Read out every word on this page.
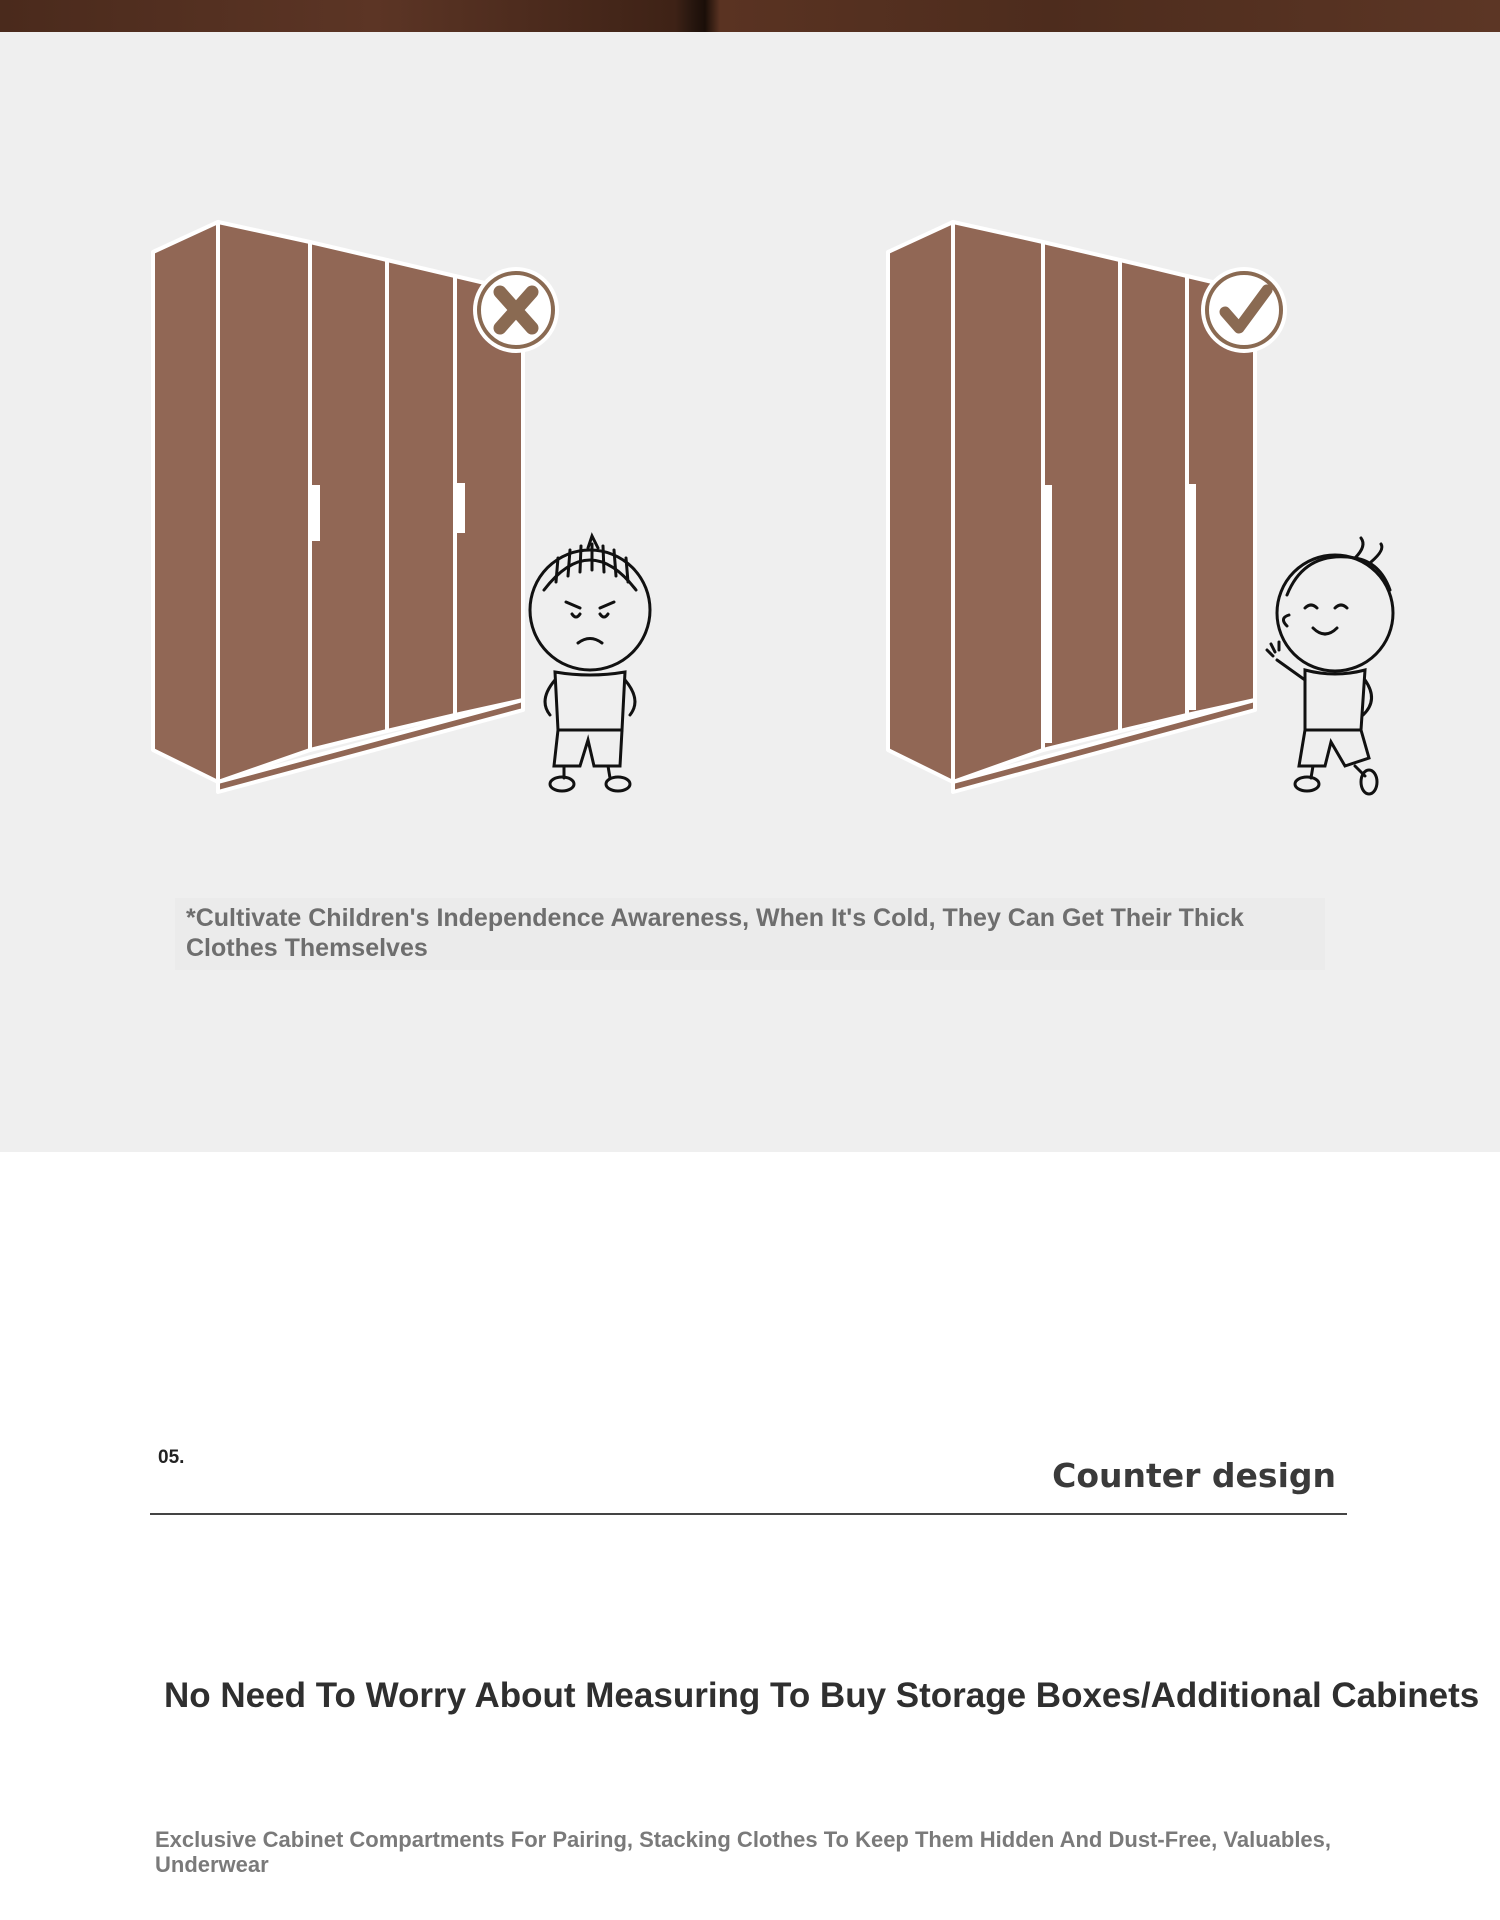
*Cultivate Children's Independence Awareness, When It's Cold, They Can Get Their Thick Clothes Themselves
05.	Counter design
No Need To Worry About Measuring To Buy Storage Boxes/Additional Cabinets
Exclusive Cabinet Compartments For Pairing, Stacking Clothes To Keep Them Hidden And Dust-Free, Valuables, Underwear
